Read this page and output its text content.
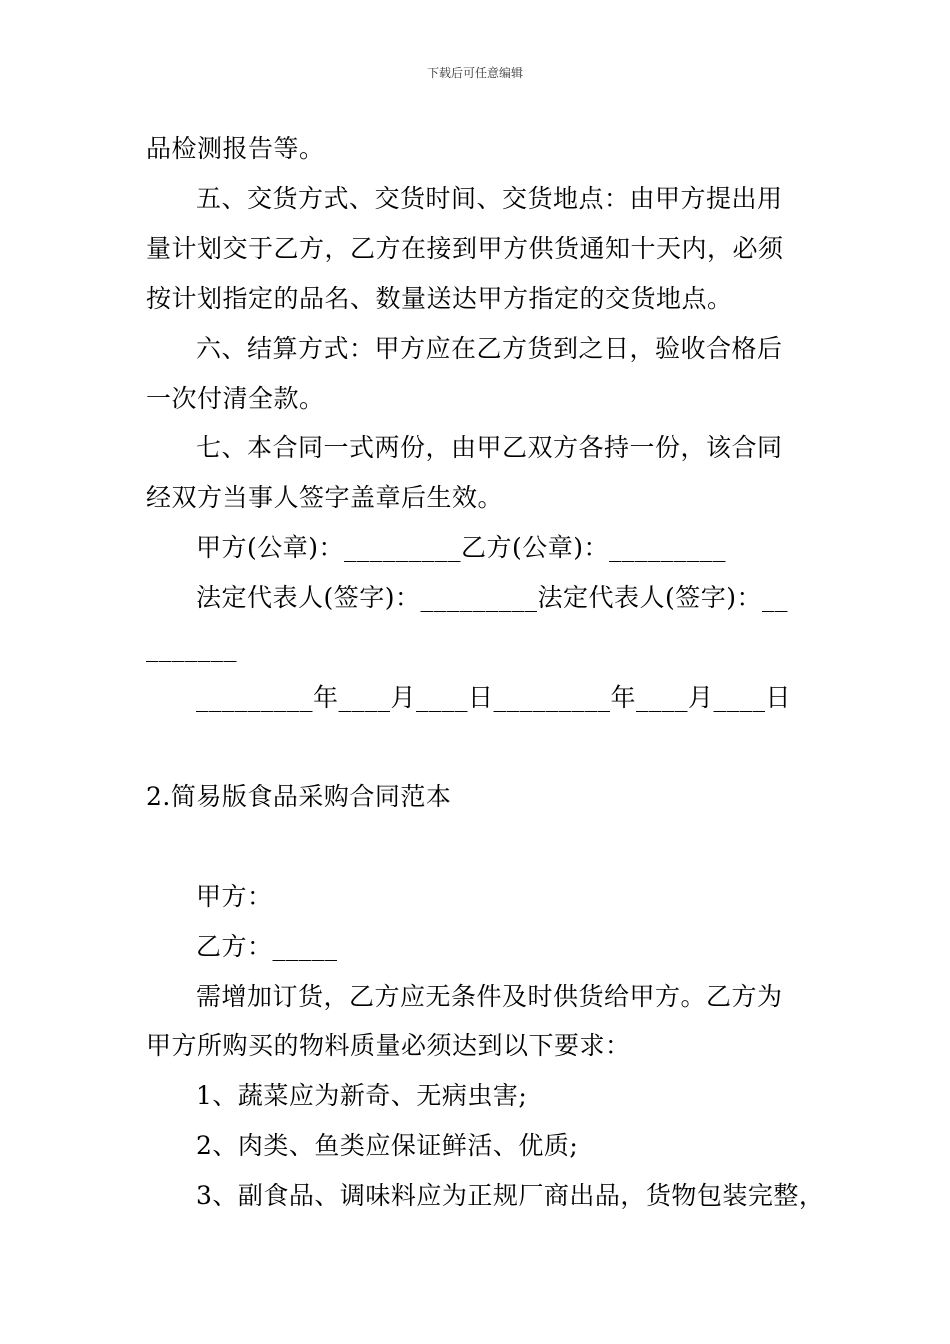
下载后可任意编辑
品检测报告等。
五、交货方式、交货时间、交货地点：由甲方提出用
量计划交于乙方，乙方在接到甲方供货通知十天内，必须
按计划指定的品名、数量送达甲方指定的交货地点。
六、结算方式：甲方应在乙方货到之日，验收合格后
一次付清全款。
七、本合同一式两份，由甲乙双方各持一份，该合同
经双方当事人签字盖章后生效。
甲方(公章)：_________乙方(公章)：_________
法定代表人(签字)：_________法定代表人(签字)：__
_______
_________年____月____日_________年____月____日
2.简易版食品采购合同范本
甲方：
乙方：_____
需增加订货，乙方应无条件及时供货给甲方。乙方为
甲方所购买的物料质量必须达到以下要求：
1、蔬菜应为新奇、无病虫害;
2、肉类、鱼类应保证鲜活、优质;
3、副食品、调味料应为正规厂商出品，货物包装完整，
